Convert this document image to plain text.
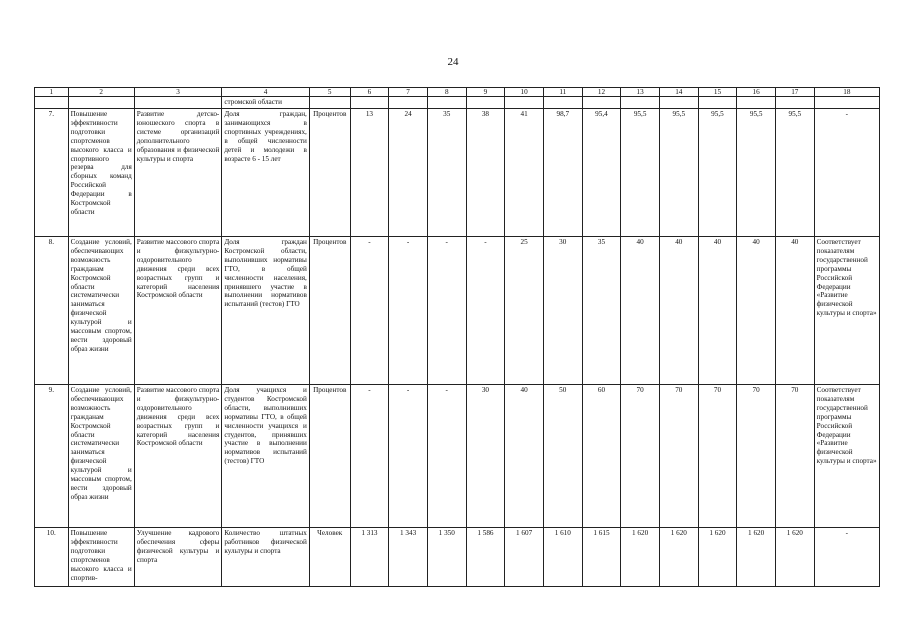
24
1	2	3	4	5	6	7	8	9	10	11	12	13	14	15	16	17	18
			стромской области														
7.	Повышение эффективности подготовки спортсменов высокого класса и спортивного резерва для сборных команд Российской Федерации в Костромской области	Развитие детско-юношеского спорта в системе организаций дополнительного образования и физической культуры и спорта	Доля граждан, занимающихся в спортивных учреждениях, в общей численности детей и молодежи в возрасте 6 - 15 лет	Процентов	13	24	35	38	41	98,7	95,4	95,5	95,5	95,5	95,5	95,5	-
8.	Создание условий, обеспечивающих возможность гражданам Костромской области систематически заниматься физической культурой и массовым спортом, вести здоровый образ жизни	Развитие массового спорта и физкультурно-оздоровительного движения среди всех возрастных групп и категорий населения Костромской области	Доля граждан Костромской области, выполнивших нормативы ГТО, в общей численности населения, принявшего участие в выполнении нормативов испытаний (тестов) ГТО	Процентов	-	-	-	-	25	30	35	40	40	40	40	40	Соответствует показателям государственной программы Российской Федерации «Развитие физической культуры и спорта»
9.	Создание условий, обеспечивающих возможность гражданам Костромской области систематически заниматься физической культурой и массовым спортом, вести здоровый образ жизни	Развитие массового спорта и физкультурно-оздоровительного движения среди всех возрастных групп и категорий населения Костромской области	Доля учащихся и студентов Костромской области, выполнивших нормативы ГТО, в общей численности учащихся и студентов, принявших участие в выполнении нормативов испытаний (тестов) ГТО	Процентов	-	-	-	30	40	50	60	70	70	70	70	70	Соответствует показателям государственной программы Российской Федерации «Развитие физической культуры и спорта»
10.	Повышение эффективности подготовки спортсменов высокого класса и спортив-	Улучшение кадрового обеспечения сферы физической культуры и спорта	Количество штатных работников физической культуры и спорта	Человек	1 313	1 343	1 350	1 586	1 607	1 610	1 615	1 620	1 620	1 620	1 620	1 620	-
